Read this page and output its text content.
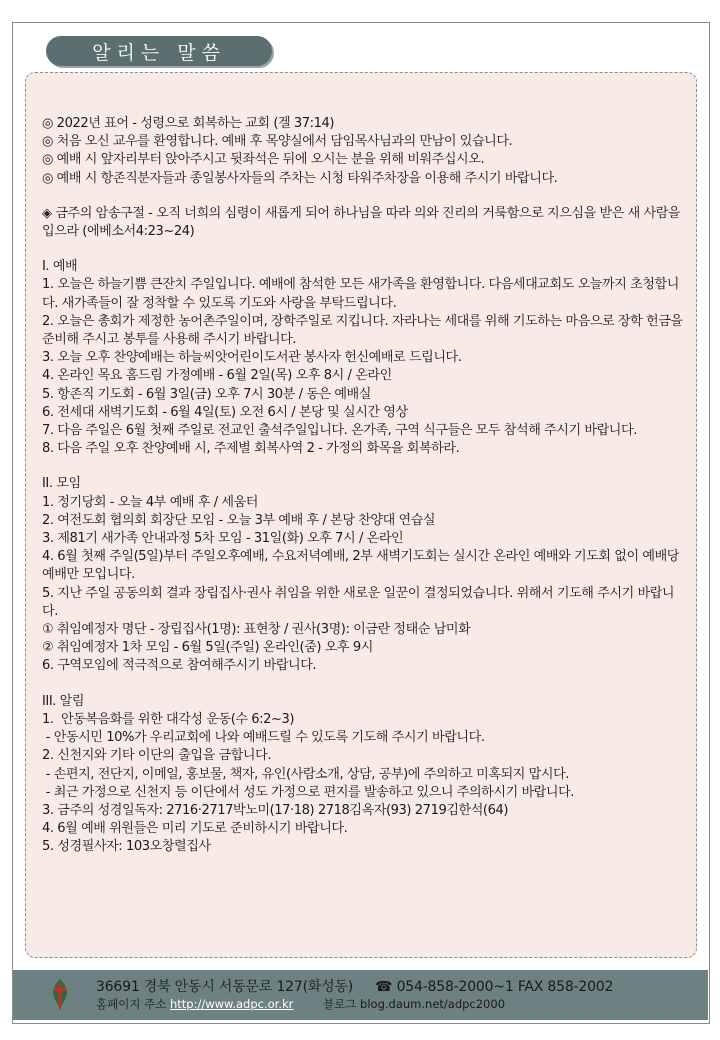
알리는 말씀

◎ 2022년 표어 - 성령으로 회복하는 교회 (겔 37:14)

◎ 처음 오신 교우를 환영합니다. 예배 후 목양실에서 담임목사님과의 만남이 있습니다.

◎ 예배 시 앞자리부터 앉아주시고 뒷좌석은 뒤에 오시는 분을 위해 비워주십시오.

◎ 예배 시 항존직분자들과 종일봉사자들의 주차는 시청 타워주차장을 이용해 주시기 바랍니다.

◈ 금주의 암송구절 - 오직 너희의 심령이 새롭게 되어 하나님을 따라 의와 진리의 거룩함으로 지으심을 받은 새 사람을 입으라 (에베소서4:23~24)

I. 예배

1. 오늘은 하늘기쁨 큰잔치 주일입니다. 예배에 참석한 모든 새가족을 환영합니다. 다음세대교회도 오늘까지 초청합니다. 새가족들이 잘 정착할 수 있도록 기도와 사랑을 부탁드립니다.

2. 오늘은 총회가 제정한 농어촌주일이며, 장학주일로 지킵니다. 자라나는 세대를 위해 기도하는 마음으로 장학 헌금을 준비해 주시고 봉투를 사용해 주시기 바랍니다.

3. 오늘 오후 찬양예배는 하늘씨앗어린이도서관 봉사자 헌신예배로 드립니다.

4. 온라인 목요 홈드림 가정예배 - 6월 2일(목) 오후 8시 / 온라인

5. 항존직 기도회 - 6월 3일(금) 오후 7시 30분 / 동은 예배실

6. 전세대 새벽기도회 - 6월 4일(토) 오전 6시 / 본당 및 실시간 영상

7. 다음 주일은 6월 첫째 주일로 전교인 출석주일입니다. 온가족, 구역 식구들은 모두 참석해 주시기 바랍니다.

8. 다음 주일 오후 찬양예배 시, 주제별 회복사역 2 - 가정의 화목을 회복하라.

II. 모임

1. 정기당회 - 오늘 4부 예배 후 / 세움터

2. 여전도회 협의회 회장단 모임 - 오늘 3부 예배 후 / 본당 찬양대 연습실

3. 제81기 새가족 안내과정 5차 모임 - 31일(화) 오후 7시 / 온라인

4. 6월 첫째 주일(5일)부터 주일오후예배, 수요저녁예배, 2부 새벽기도회는 실시간 온라인 예배와 기도회 없이 예배당예배만 모입니다.

5. 지난 주일 공동의회 결과 장립집사·권사 취임을 위한 새로운 일꾼이 결정되었습니다. 위해서 기도해 주시기 바랍니다.

① 취임예정자 명단 - 장립집사(1명): 표현창 / 권사(3명): 이금란 정태순 남미화

② 취임예정자 1차 모임 - 6월 5일(주일) 온라인(줌) 오후 9시

6. 구역모임에 적극적으로 참여해주시기 바랍니다.

III. 알림

1.  안동복음화를 위한 대각성 운동(수 6:2~3)

- 안동시민 10%가 우리교회에 나와 예배드릴 수 있도록 기도해 주시기 바랍니다.

2. 신천지와 기타 이단의 출입을 금합니다.

- 손편지, 전단지, 이메일, 홍보물, 책자, 유인(사람소개, 상담, 공부)에 주의하고 미혹되지 맙시다.

- 최근 가정으로 신천지 등 이단에서 성도 가정으로 편지를 발송하고 있으니 주의하시기 바랍니다.

3. 금주의 성경일독자: 2716·2717박노미(17·18) 2718김옥자(93) 2719김한석(64)

4. 6월 예배 위원들은 미리 기도로 준비하시기 바랍니다.

5. 성경필사자: 103오창렬집사

36691 경북 안동시 서동문로 127(화성동) ☎ 054-858-2000~1 FAX 858-2002
홈페이지 주소 http://www.adpc.or.kr	블로그 blog.daum.net/adpc2000
